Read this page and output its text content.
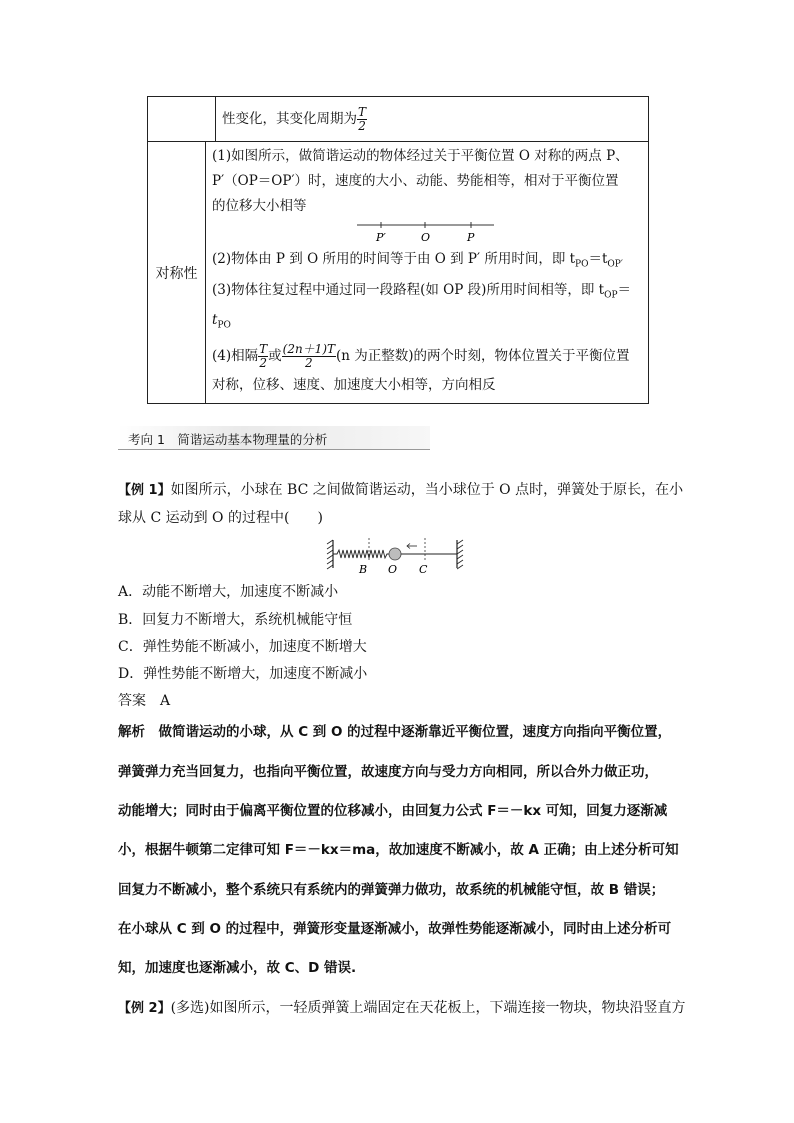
性变化，其变化周期为 $\frac{T}{2}$
对称性
(1)如图所示，做简谐运动的物体经过关于平衡位置 O 对称的两点 P、
P′（OP＝OP′）时，速度的大小、动能、势能相等，相对于平衡位置
的位移大小相等
P′	O	P
(2)物体由 P 到 O 所用的时间等于由 O 到 P′ 所用时间，即 $t_{PO}=t_{OP'}$
(3)物体往复过程中通过同一段路程(如 OP 段)所用时间相等，即 $t_{OP}=$
$t_{PO}$
(4)相隔 $\frac{T}{2}$ 或 $\frac{(2n+1)T}{2} (n$ 为正整数)的两个时刻，物体位置关于平衡位置
对称，位移、速度、加速度大小相等，方向相反
考向 1　简谐运动基本物理量的分析
【例 1】如图所示，小球在 BC 之间做简谐运动，当小球位于 O 点时，弹簧处于原长，在小
球从 C 运动到 O 的过程中(　　)
B O C
A．动能不断增大，加速度不断减小
B．回复力不断增大，系统机械能守恒
C．弹性势能不断减小，加速度不断增大
D．弹性势能不断增大，加速度不断减小
答案　A
解析　做简谐运动的小球，从 C 到 O 的过程中逐渐靠近平衡位置，速度方向指向平衡位置，
弹簧弹力充当回复力，也指向平衡位置，故速度方向与受力方向相同，所以合外力做正功，
动能增大；同时由于偏离平衡位置的位移减小，由回复力公式 F＝－kx 可知，回复力逐渐减
小，根据牛顿第二定律可知 F＝－kx＝ma，故加速度不断减小，故 A 正确；由上述分析可知
回复力不断减小，整个系统只有系统内的弹簧弹力做功，故系统的机械能守恒，故 B 错误；
在小球从 C 到 O 的过程中，弹簧形变量逐渐减小，故弹性势能逐渐减小，同时由上述分析可
知，加速度也逐渐减小，故 C、D 错误.
【例 2】(多选)如图所示，一轻质弹簧上端固定在天花板上，下端连接一物块，物块沿竖直方
